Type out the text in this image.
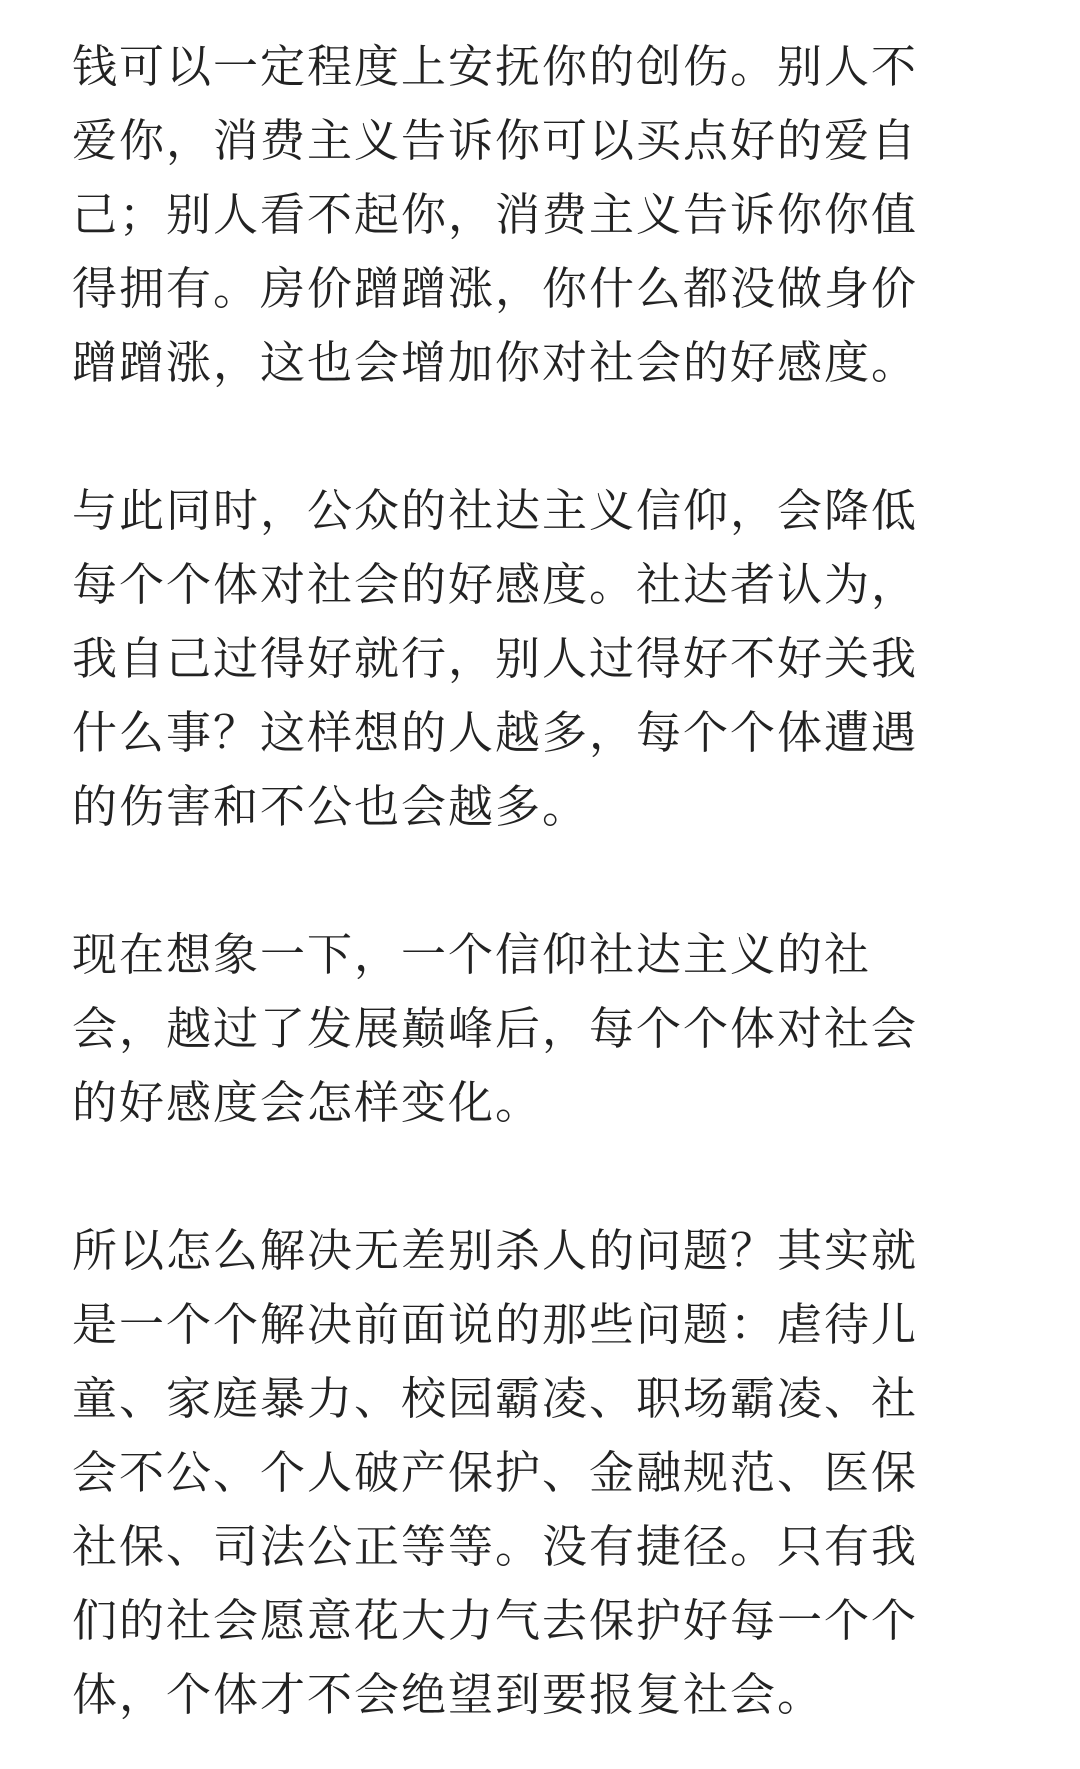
钱可以一定程度上安抚你的创伤。别人不爱你，消费主义告诉你可以买点好的爱自己；别人看不起你，消费主义告诉你你值得拥有。房价蹭蹭涨，你什么都没做身价蹭蹭涨，这也会增加你对社会的好感度。

与此同时，公众的社达主义信仰，会降低每个个体对社会的好感度。社达者认为，我自己过得好就行，别人过得好不好关我什么事？这样想的人越多，每个个体遭遇的伤害和不公也会越多。

现在想象一下，一个信仰社达主义的社会，越过了发展巅峰后，每个个体对社会的好感度会怎样变化。

所以怎么解决无差别杀人的问题？其实就是一个个解决前面说的那些问题：虐待儿童、家庭暴力、校园霸凌、职场霸凌、社会不公、个人破产保护、金融规范、医保社保、司法公正等等。没有捷径。只有我们的社会愿意花大力气去保护好每一个个体，个体才不会绝望到要报复社会。
